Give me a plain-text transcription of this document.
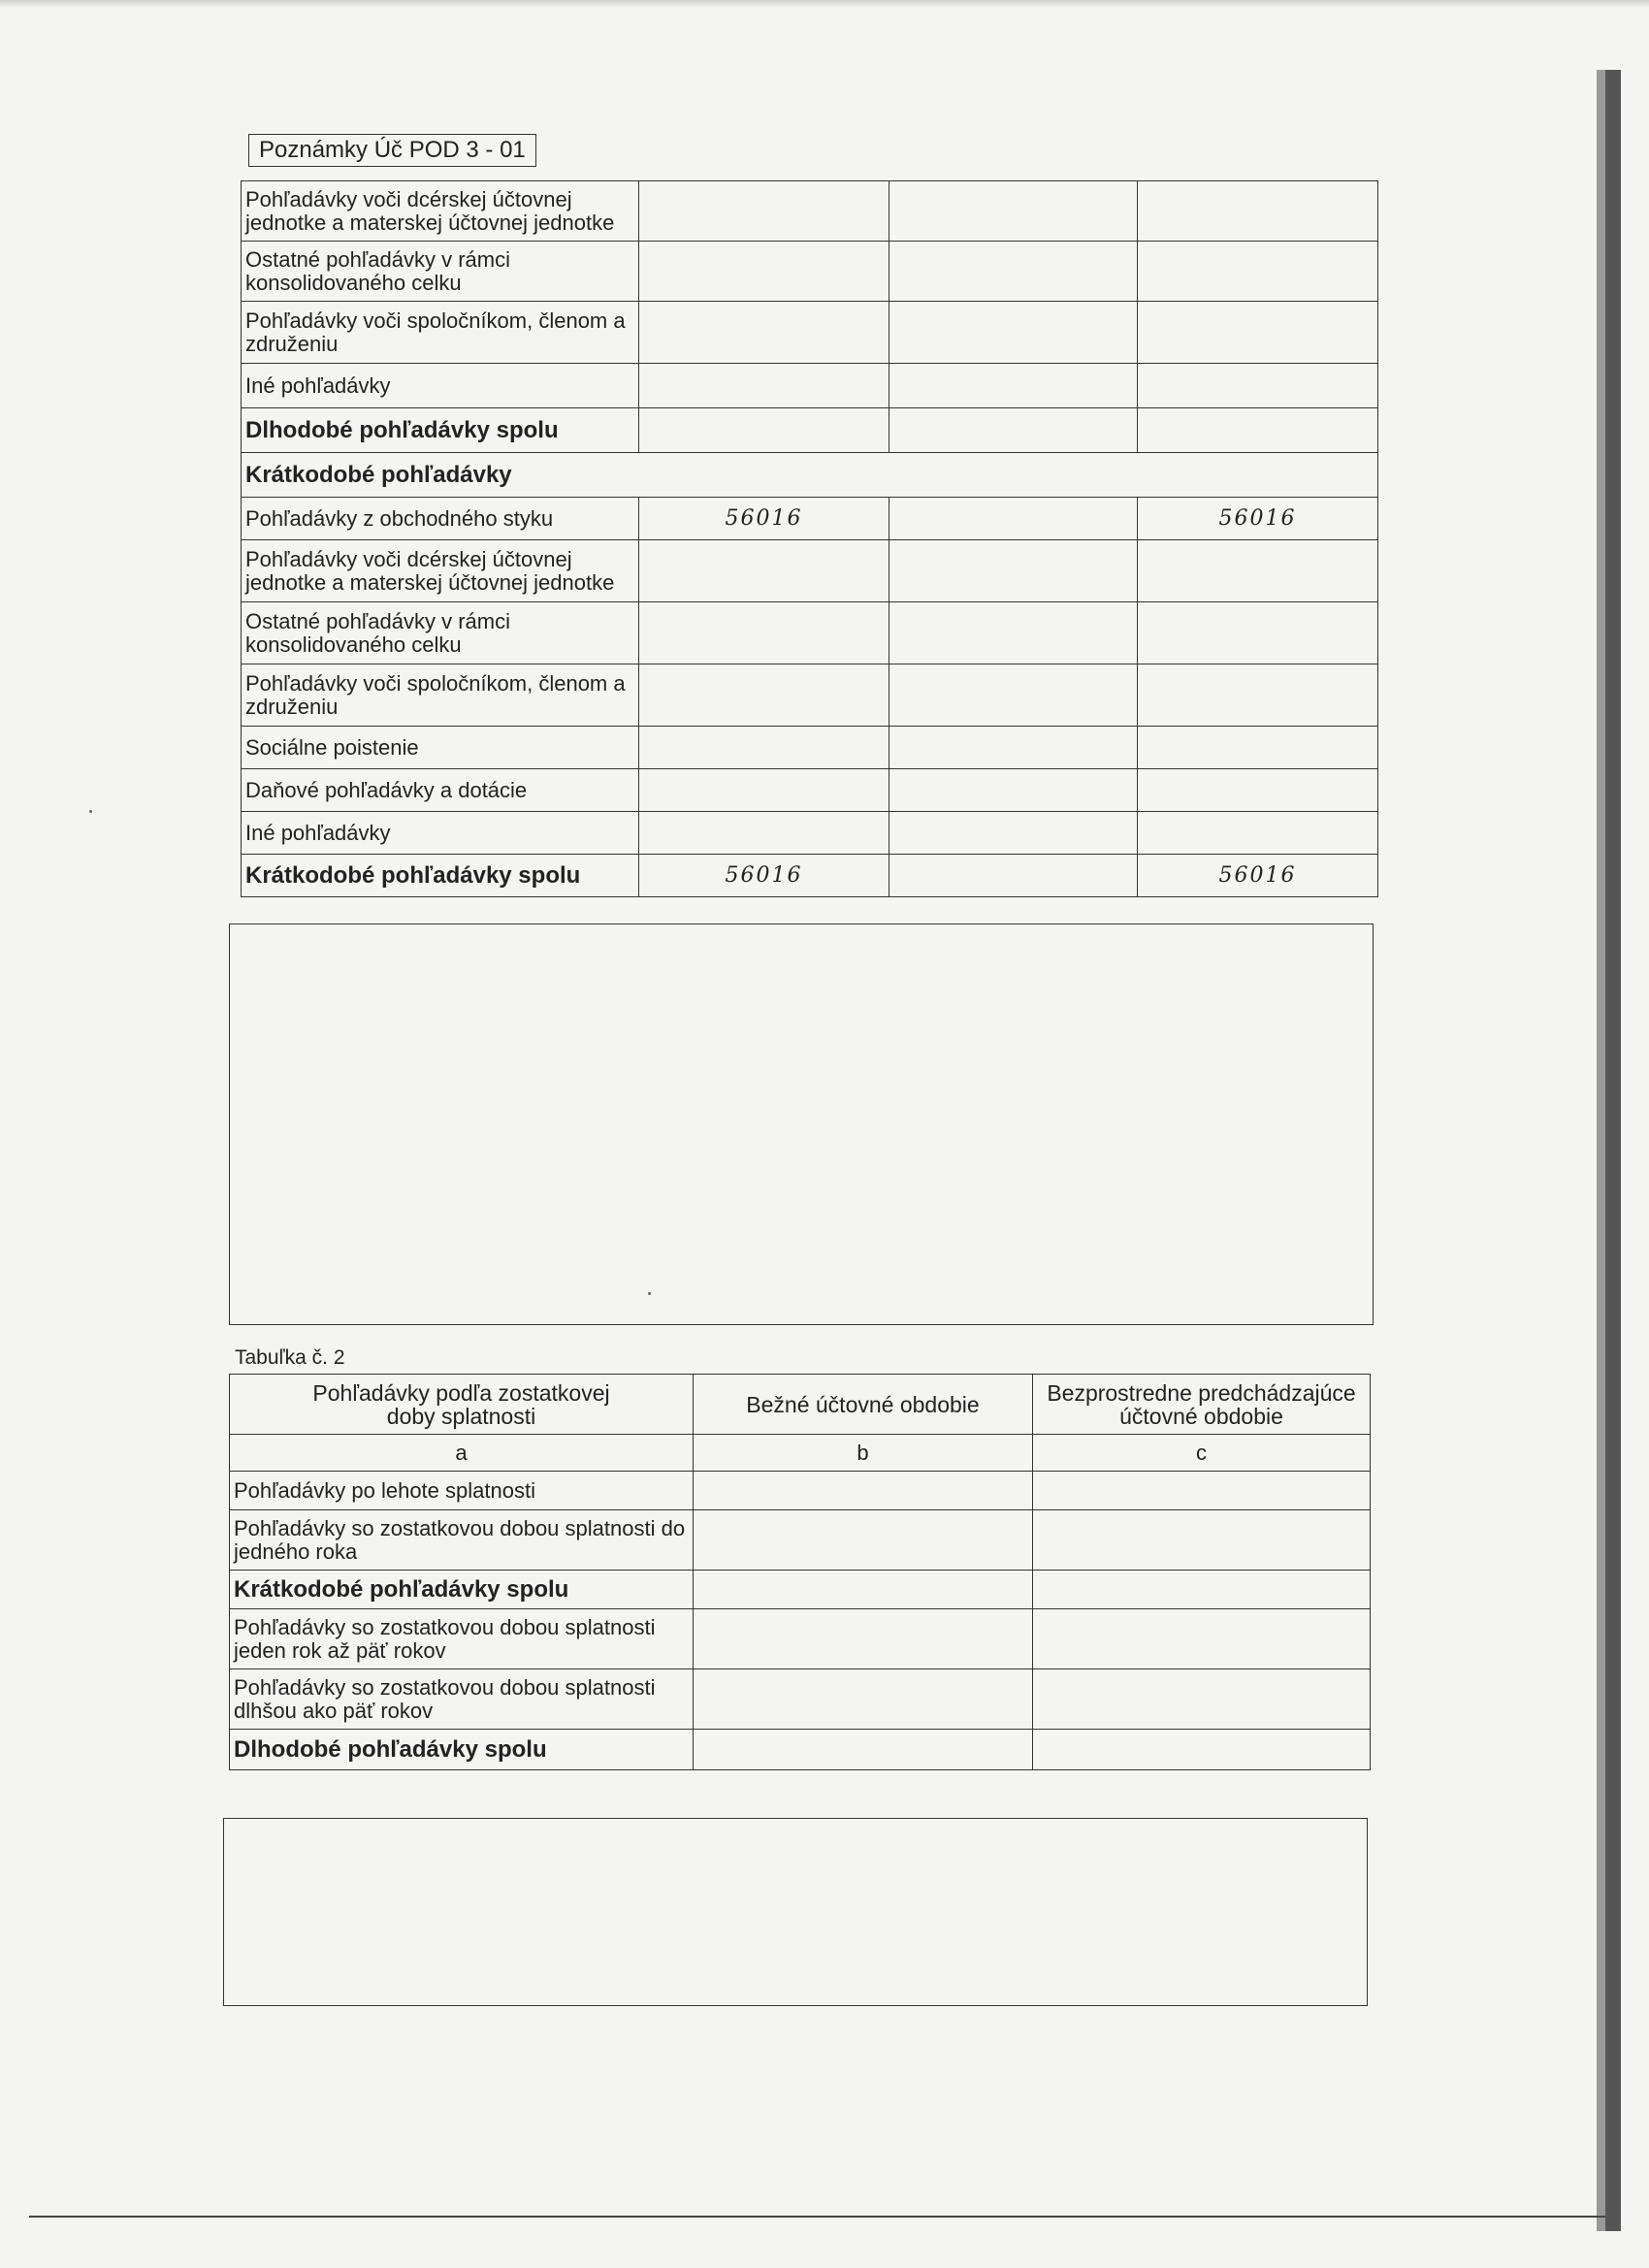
Poznámky Úč POD 3 - 01
Pohľadávky voči dcérskej účtovnej jednotke a materskej účtovnej jednotke			
Ostatné pohľadávky v rámci konsolidovaného celku			
Pohľadávky voči spoločníkom, členom a združeniu			
Iné pohľadávky			
Dlhodobé pohľadávky spolu			
Krátkodobé pohľadávky			
Pohľadávky z obchodného styku	56016		56016
Pohľadávky voči dcérskej účtovnej jednotke a materskej účtovnej jednotke			
Ostatné pohľadávky v rámci konsolidovaného celku			
Pohľadávky voči spoločníkom, členom a združeniu			
Sociálne poistenie			
Daňové pohľadávky a dotácie			
Iné pohľadávky			
Krátkodobé pohľadávky spolu	56016		56016
Tabuľka č. 2
Pohľadávky podľa zostatkovej doby splatnosti	Bežné účtovné obdobie	Bezprostredne predchádzajúce účtovné obdobie
a	b	c
Pohľadávky po lehote splatnosti		
Pohľadávky so zostatkovou dobou splatnosti do jedného roka		
Krátkodobé pohľadávky spolu		
Pohľadávky so zostatkovou dobou splatnosti jeden rok až päť rokov		
Pohľadávky so zostatkovou dobou splatnosti dlhšou ako päť rokov		
Dlhodobé pohľadávky spolu		
